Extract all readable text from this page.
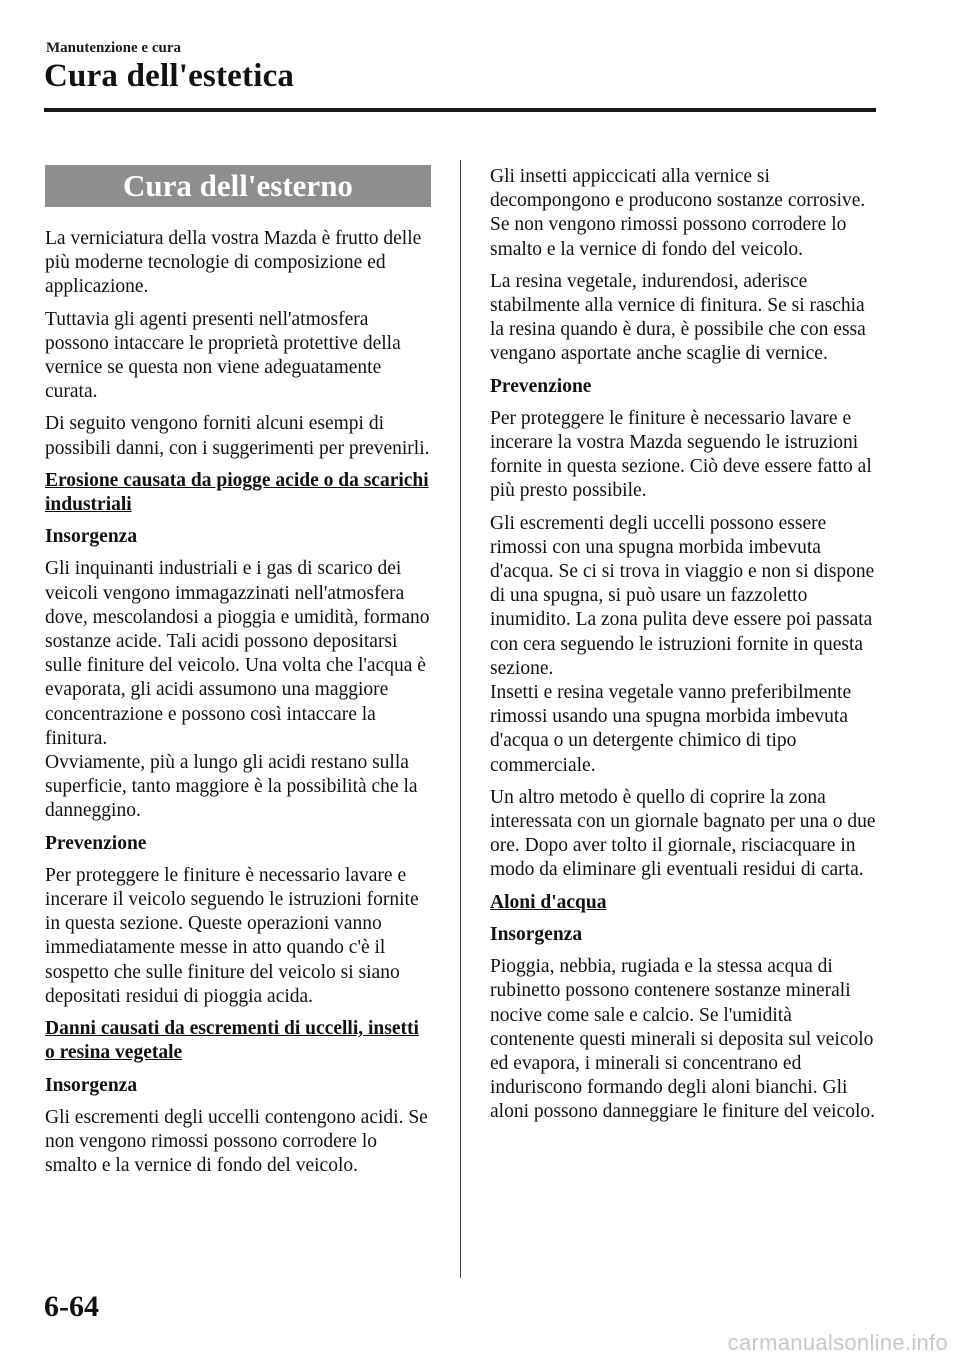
Manutenzione e cura
Cura dell'estetica
Cura dell'esterno

La verniciatura della vostra Mazda è frutto delle più moderne tecnologie di composizione ed applicazione.

Tuttavia gli agenti presenti nell'atmosfera possono intaccare le proprietà protettive della vernice se questa non viene adeguatamente curata.

Di seguito vengono forniti alcuni esempi di possibili danni, con i suggerimenti per prevenirli.

Erosione causata da piogge acide o da scarichi industriali
Insorgenza

Gli inquinanti industriali e i gas di scarico dei veicoli vengono immagazzinati nell'atmosfera dove, mescolandosi a pioggia e umidità, formano sostanze acide. Tali acidi possono depositarsi sulle finiture del veicolo. Una volta che l'acqua è evaporata, gli acidi assumono una maggiore concentrazione e possono così intaccare la finitura.

Ovviamente, più a lungo gli acidi restano sulla superficie, tanto maggiore è la possibilità che la danneggino.

Prevenzione

Per proteggere le finiture è necessario lavare e incerare il veicolo seguendo le istruzioni fornite in questa sezione. Queste operazioni vanno immediatamente messe in atto quando c'è il sospetto che sulle finiture del veicolo si siano depositati residui di pioggia acida.

Danni causati da escrementi di uccelli, insetti o resina vegetale
Insorgenza

Gli escrementi degli uccelli contengono acidi. Se non vengono rimossi possono corrodere lo smalto e la vernice di fondo del veicolo.

Gli insetti appiccicati alla vernice si decompongono e producono sostanze corrosive. Se non vengono rimossi possono corrodere lo smalto e la vernice di fondo del veicolo.

La resina vegetale, indurendosi, aderisce stabilmente alla vernice di finitura. Se si raschia la resina quando è dura, è possibile che con essa vengano asportate anche scaglie di vernice.

Prevenzione

Per proteggere le finiture è necessario lavare e incerare la vostra Mazda seguendo le istruzioni fornite in questa sezione. Ciò deve essere fatto al più presto possibile.

Gli escrementi degli uccelli possono essere rimossi con una spugna morbida imbevuta d'acqua. Se ci si trova in viaggio e non si dispone di una spugna, si può usare un fazzoletto inumidito. La zona pulita deve essere poi passata con cera seguendo le istruzioni fornite in questa sezione.

Insetti e resina vegetale vanno preferibilmente rimossi usando una spugna morbida imbevuta d'acqua o un detergente chimico di tipo commerciale.

Un altro metodo è quello di coprire la zona interessata con un giornale bagnato per una o due ore. Dopo aver tolto il giornale, risciacquare in modo da eliminare gli eventuali residui di carta.

Aloni d'acqua
Insorgenza

Pioggia, nebbia, rugiada e la stessa acqua di rubinetto possono contenere sostanze minerali nocive come sale e calcio. Se l'umidità contenente questi minerali si deposita sul veicolo ed evapora, i minerali si concentrano ed induriscono formando degli aloni bianchi. Gli aloni possono danneggiare le finiture del veicolo.

6-64
carmanualsonline.info
